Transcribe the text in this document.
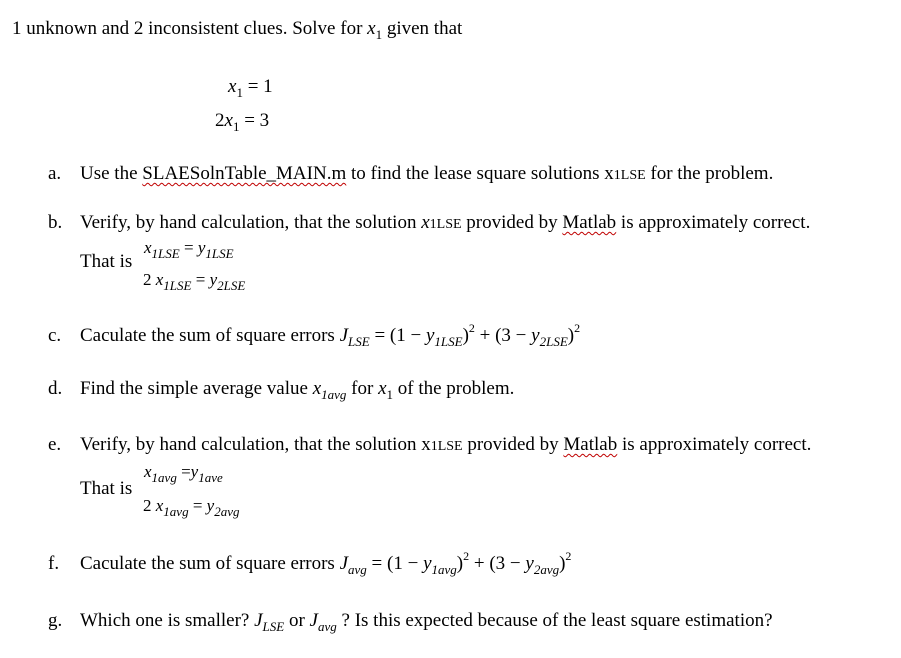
1 unknown and 2 inconsistent clues. Solve for $x_1$ given that
$x_1 = 1$
$2x_1 = 3$
a. Use the SLAESolnTable_MAIN.m to find the lease square solutions x1LSE for the problem.
b. Verify, by hand calculation, that the solution x1LSE provided by Matlab is approximately correct.
That is
$x_{1LSE} = y_{1LSE}$
2 $x_{1LSE} = y_{2LSE}$
c. Caculate the sum of square errors $J_{LSE} = (1 - y_{1LSE})^2 + (3 - y_{2LSE})^2$
d. Find the simple average value $x_{1avg}$ for $x_1$ of the problem.
e. Verify, by hand calculation, that the solution x1LSE provided by Matlab is approximately correct.
That is
$x_{1avg} =y_{1ave}$
2 $x_{1avg} = y_{2avg}$
f. Caculate the sum of square errors $J_{avg} = (1 - y_{1avg})^2 + (3 - y_{2avg})^2$
g. Which one is smaller? $J_{LSE}$ or $J_{avg}$ ? Is this expected because of the least square estimation?
